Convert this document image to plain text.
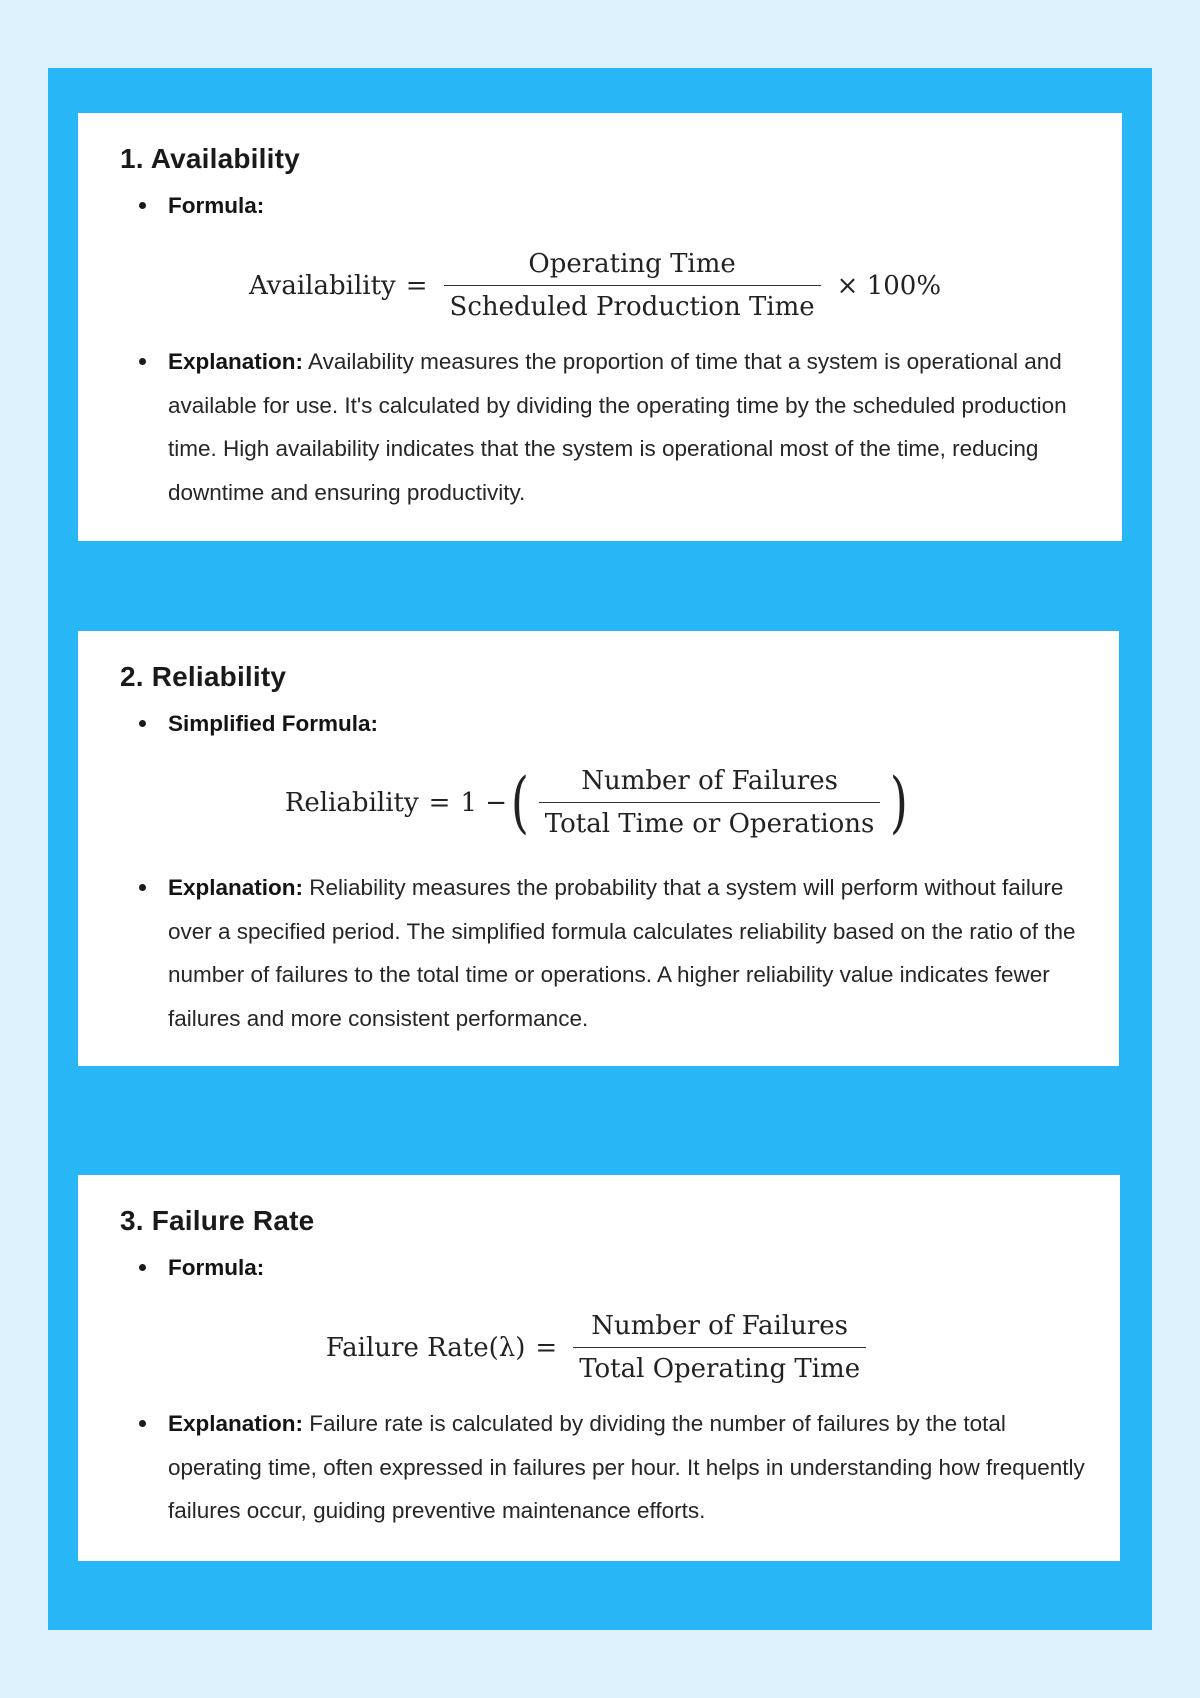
1. Availability
Formula:
Availability = $\frac{\text{Operating Time}}{\text{Scheduled Production Time}} \times 100\%$
Explanation: Availability measures the proportion of time that a system is operational and available for use. It's calculated by dividing the operating time by the scheduled production time. High availability indicates that the system is operational most of the time, reducing downtime and ensuring productivity.
2. Reliability
Simplified Formula:
Reliability = 1 − ( $\frac{\text{Number of Failures}}{\text{Total Time or Operations}}$ )
Explanation: Reliability measures the probability that a system will perform without failure over a specified period. The simplified formula calculates reliability based on the ratio of the number of failures to the total time or operations. A higher reliability value indicates fewer failures and more consistent performance.
3. Failure Rate
Formula:
Failure Rate(λ) = $\frac{\text{Number of Failures}}{\text{Total Operating Time}}$
Explanation: Failure rate is calculated by dividing the number of failures by the total operating time, often expressed in failures per hour. It helps in understanding how frequently failures occur, guiding preventive maintenance efforts.
